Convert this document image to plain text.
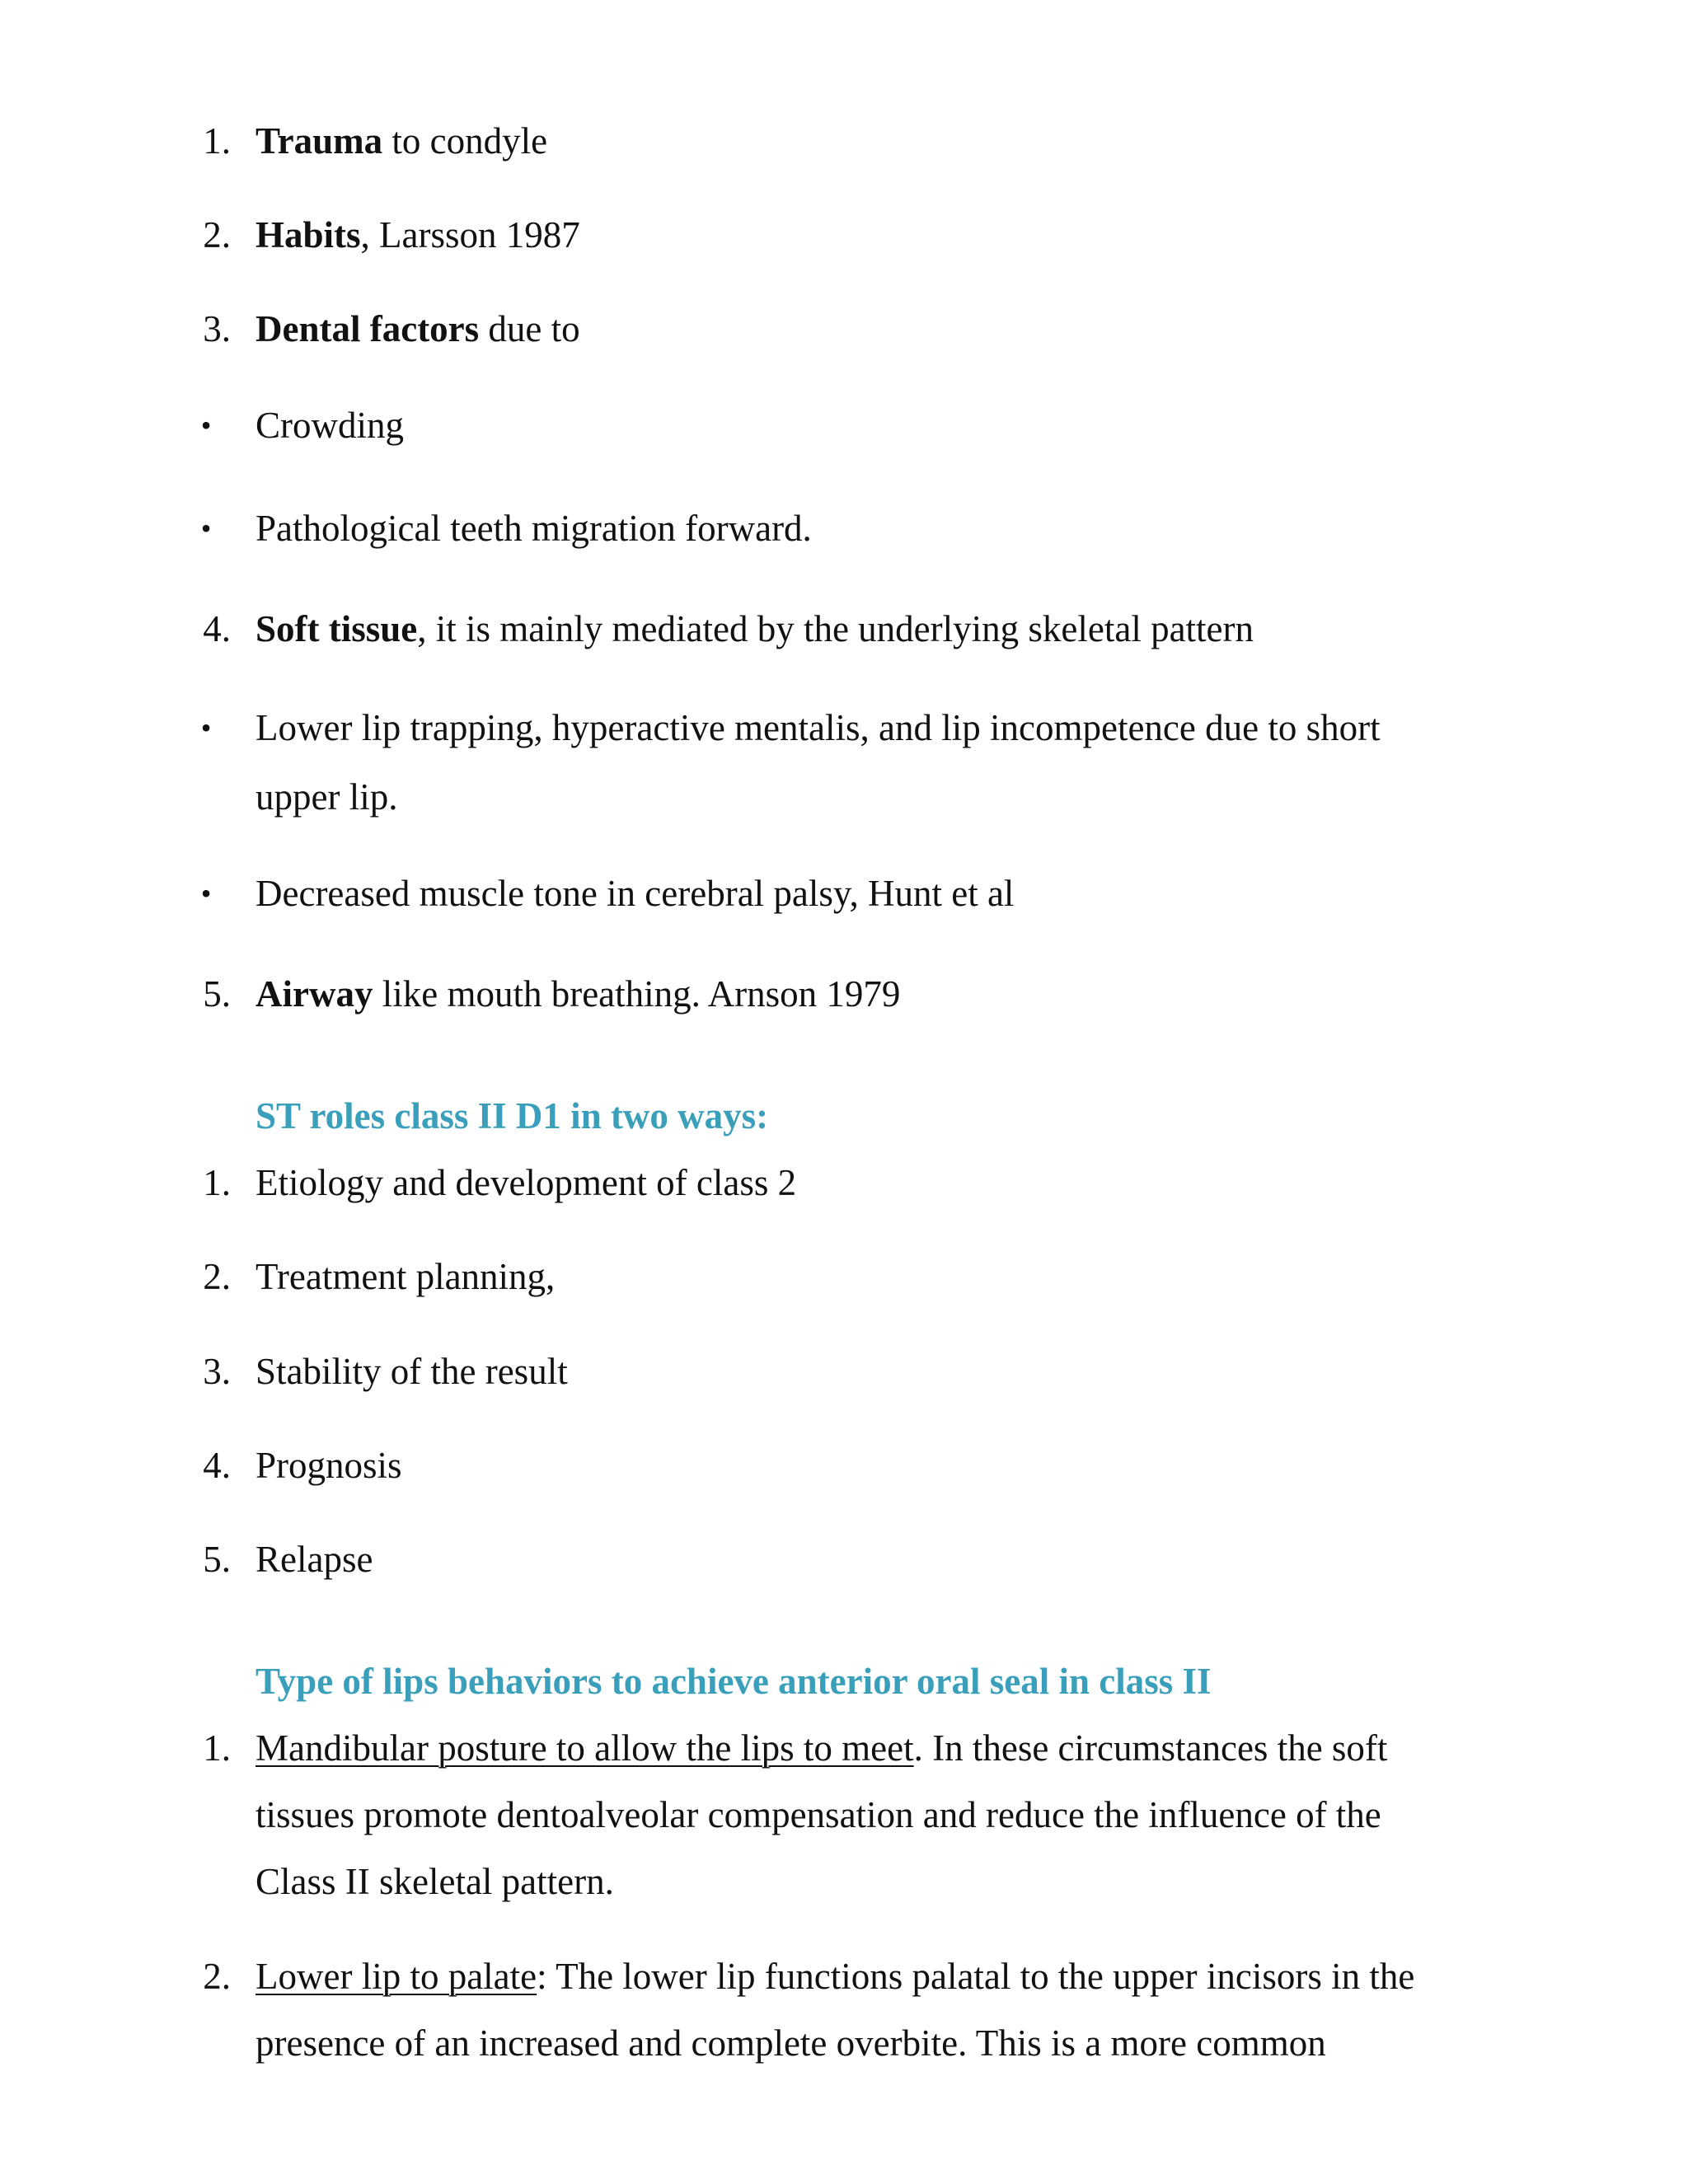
1. Trauma to condyle
2. Habits, Larsson 1987
3. Dental factors due to
• Crowding
• Pathological teeth migration forward.
4. Soft tissue, it is mainly mediated by the underlying skeletal pattern
• Lower lip trapping, hyperactive mentalis, and lip incompetence due to short
upper lip.
• Decreased muscle tone in cerebral palsy, Hunt et al
5. Airway like mouth breathing. Arnson 1979
ST roles class II D1 in two ways:
1. Etiology and development of class 2
2. Treatment planning,
3. Stability of the result
4. Prognosis
5. Relapse
Type of lips behaviors to achieve anterior oral seal in class II
1. Mandibular posture to allow the lips to meet. In these circumstances the soft
tissues promote dentoalveolar compensation and reduce the influence of the
Class II skeletal pattern.
2. Lower lip to palate: The lower lip functions palatal to the upper incisors in the
presence of an increased and complete overbite. This is a more common
